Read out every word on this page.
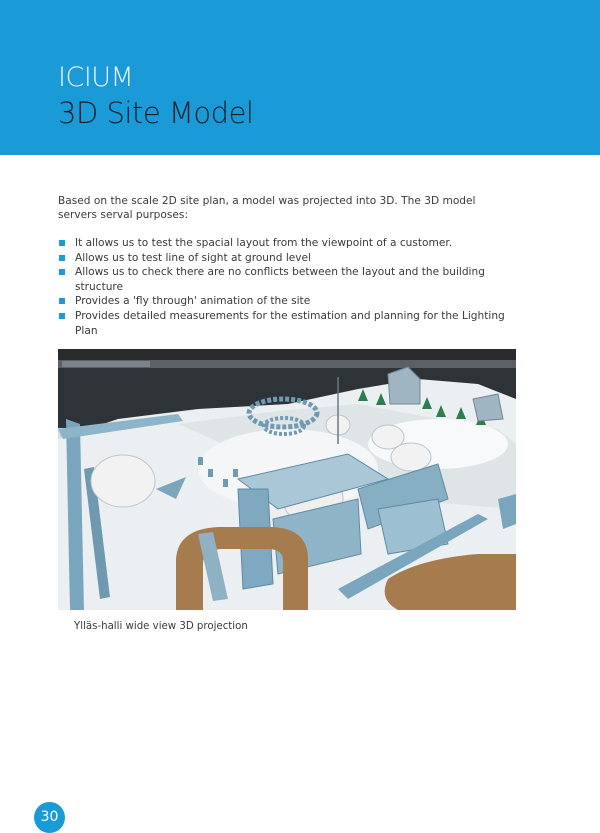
ICIUM
3D Site Model
Based on the scale 2D site plan, a model was projected into 3D. The 3D model servers serval purposes:
It allows us to test the spacial layout from the viewpoint of a customer.
Allows us to test line of sight at ground level
Allows us to check there are no conflicts between the layout and the building structure
Provides a 'fly through' animation of the site
Provides detailed measurements for the estimation and planning for the Lighting Plan
Ylläs-halli wide view 3D projection
30
